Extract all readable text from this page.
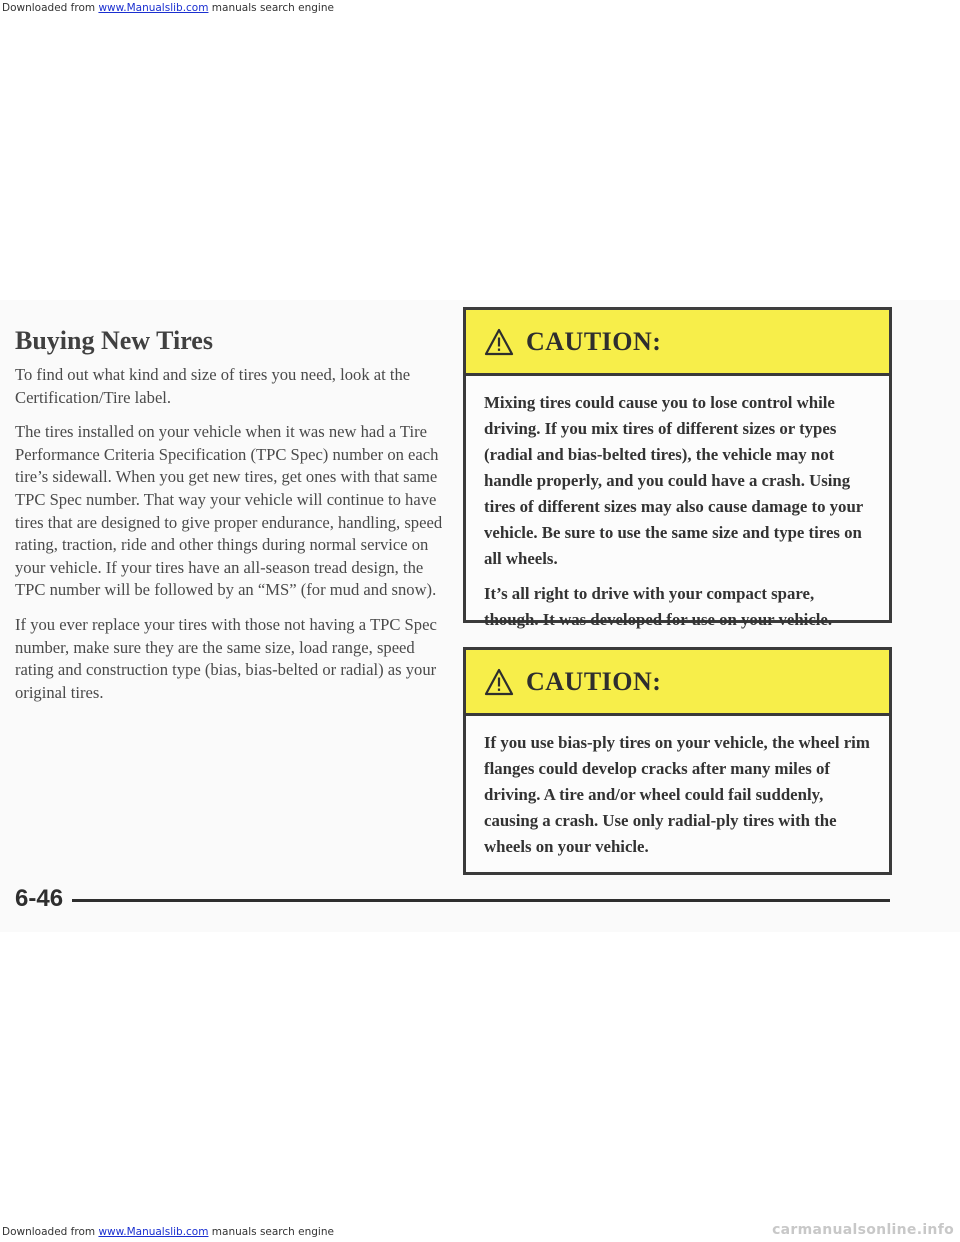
Downloaded from www.Manualslib.com manuals search engine
Buying New Tires

To find out what kind and size of tires you need, look at the Certification/Tire label.

The tires installed on your vehicle when it was new had a Tire Performance Criteria Specification (TPC Spec) number on each tire’s sidewall. When you get new tires, get ones with that same TPC Spec number. That way your vehicle will continue to have tires that are designed to give proper endurance, handling, speed rating, traction, ride and other things during normal service on your vehicle. If your tires have an all-season tread design, the TPC number will be followed by an “MS” (for mud and snow).

If you ever replace your tires with those not having a TPC Spec number, make sure they are the same size, load range, speed rating and construction type (bias, bias-belted or radial) as your original tires.

CAUTION:

Mixing tires could cause you to lose control while driving. If you mix tires of different sizes or types (radial and bias-belted tires), the vehicle may not handle properly, and you could have a crash. Using tires of different sizes may also cause damage to your vehicle. Be sure to use the same size and type tires on all wheels.

It’s all right to drive with your compact spare, though. It was developed for use on your vehicle.

CAUTION:

If you use bias-ply tires on your vehicle, the wheel rim flanges could develop cracks after many miles of driving. A tire and/or wheel could fail suddenly, causing a crash. Use only radial-ply tires with the wheels on your vehicle.

6-46
Downloaded from www.Manualslib.com manuals search engine	carmanualsonline.info
